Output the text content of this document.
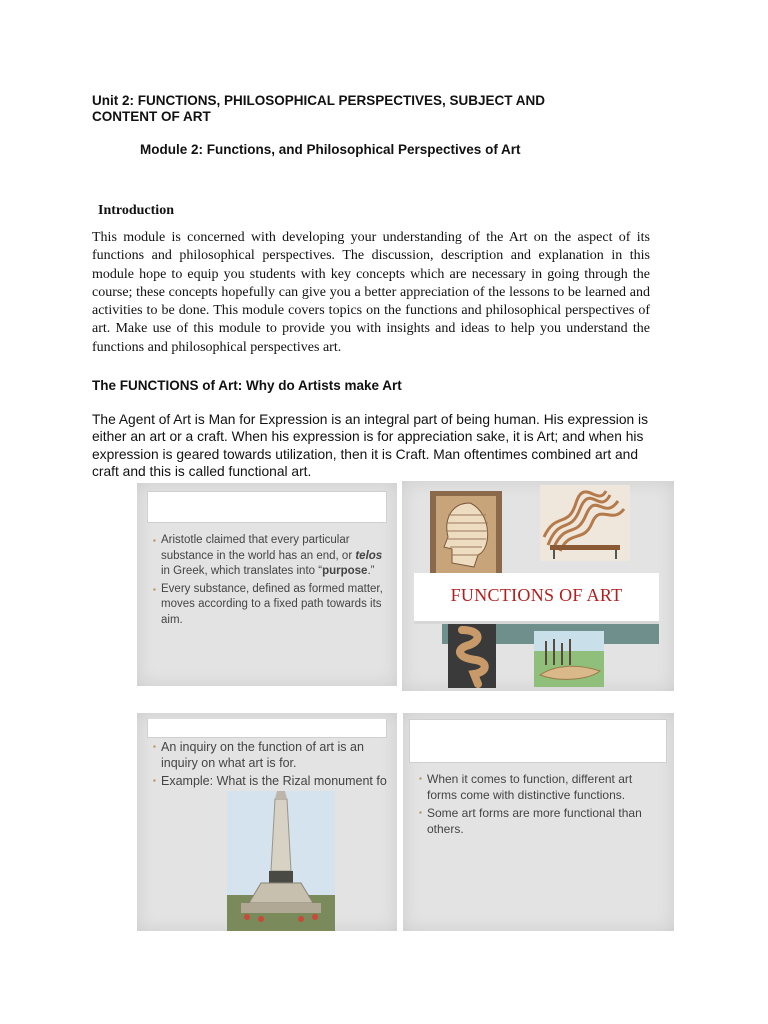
Unit 2: FUNCTIONS, PHILOSOPHICAL PERSPECTIVES, SUBJECT AND CONTENT OF ART
Module 2: Functions, and Philosophical Perspectives of Art
Introduction

This module is concerned with developing your understanding of the Art on the aspect of its functions and philosophical perspectives. The discussion, description and explanation in this module hope to equip you students with key concepts which are necessary in going through the course; these concepts hopefully can give you a better appreciation of the lessons to be learned and activities to be done. This module covers topics on the functions and philosophical perspectives of art. Make use of this module to provide you with insights and ideas to help you understand the functions and philosophical perspectives art.

The FUNCTIONS of Art: Why do Artists make Art

The Agent of Art is Man for Expression is an integral part of being human. His expression is either an art or a craft. When his expression is for appreciation sake, it is Art; and when his expression is geared towards utilization, then it is Craft. Man oftentimes combined art and craft and this is called functional art.

▪ Aristotle claimed that every particular substance in the world has an end, or telos in Greek, which translates into “purpose.”
▪ Every substance, defined as formed matter, moves according to a fixed path towards its aim.
FUNCTIONS OF ART
▪ An inquiry on the function of art is an inquiry on what art is for.
▪ Example: What is the Rizal monument fo
▪	When it comes to function, different art forms come with distinctive functions.
▪ Some art forms are more functional than others.
